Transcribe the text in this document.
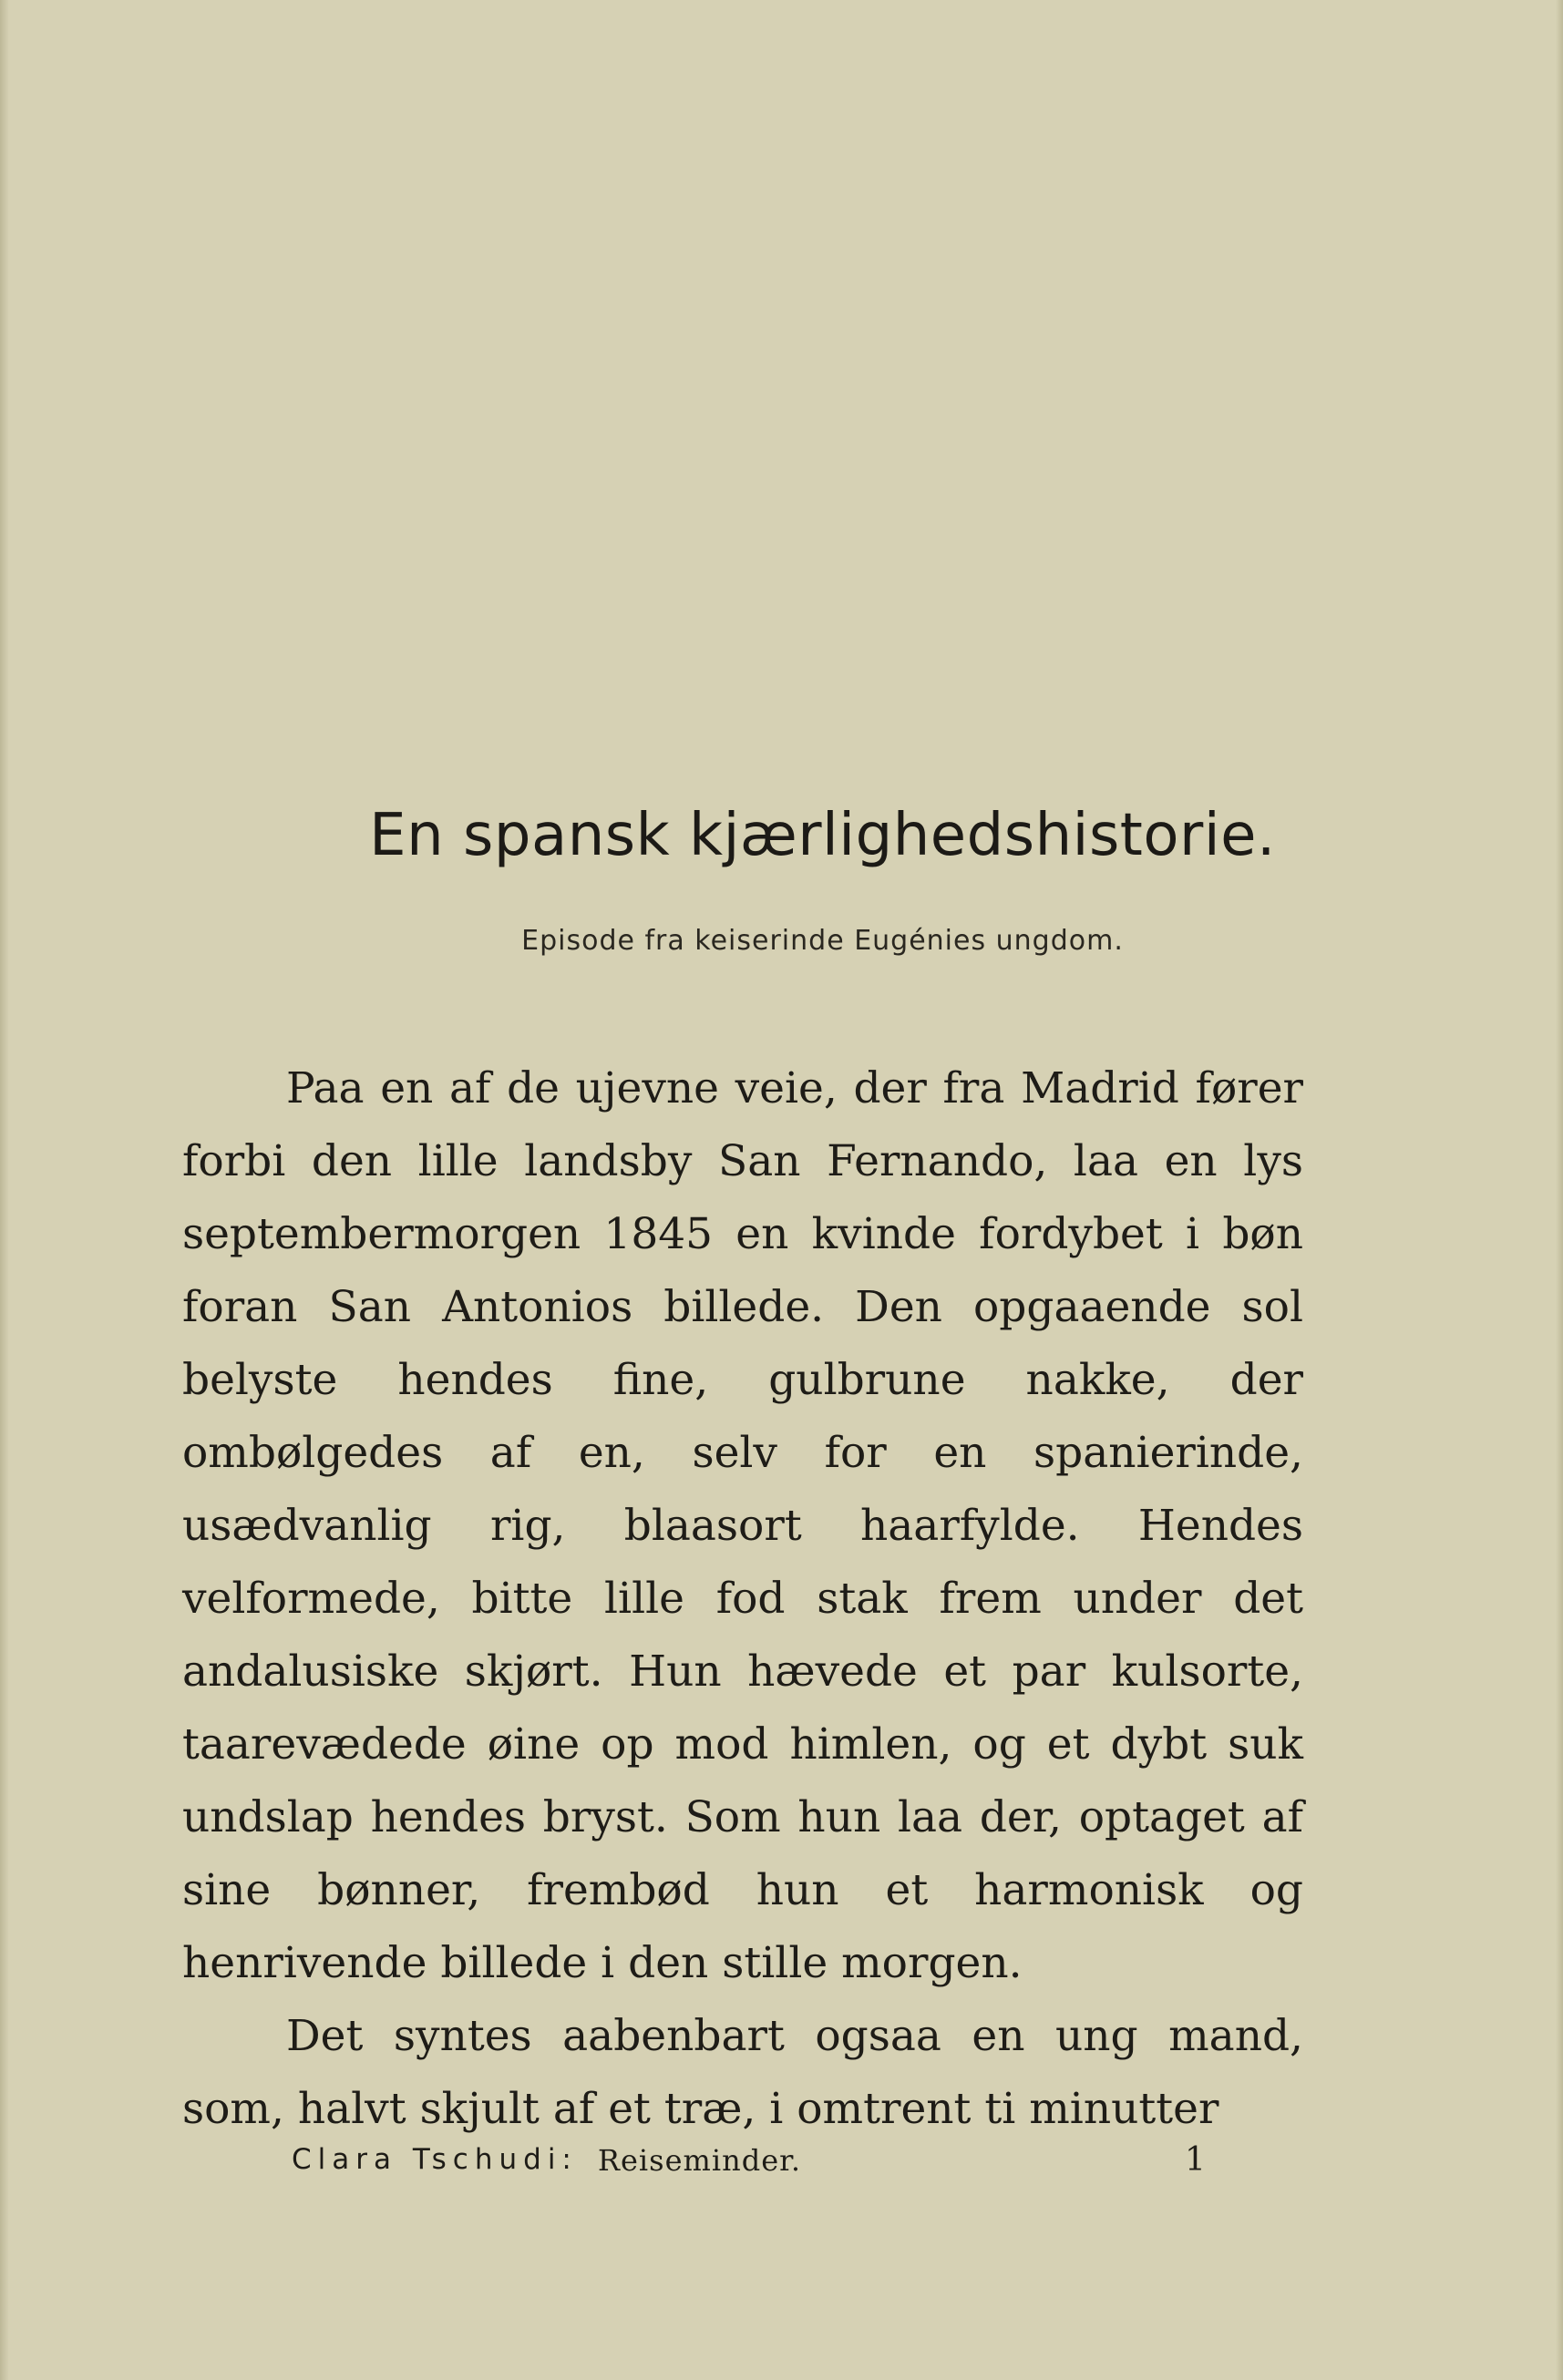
En spansk kjærlighedshistorie.
Episode fra keiserinde Eugénies ungdom.
Paa en af de ujevne veie, der fra Madrid fører forbi den lille landsby San Fernando, laa en lys septembermorgen 1845 en kvinde fordybet i bøn foran San Antonios billede. Den opgaaende sol belyste hendes fine, gulbrune nakke, der ombølgedes af en, selv for en spanierinde, usædvanlig rig, blaasort haarfylde. Hendes velformede, bitte lille fod stak frem under det andalusiske skjørt. Hun hævede et par kulsorte, taarevædede øine op mod himlen, og et dybt suk undslap hendes bryst. Som hun laa der, optaget af sine bønner, frembød hun et harmonisk og henrivende billede i den stille morgen.
Det syntes aabenbart ogsaa en ung mand, som, halvt skjult af et træ, i omtrent ti minutter
Clara Tschudi: Reiseminder.	1
